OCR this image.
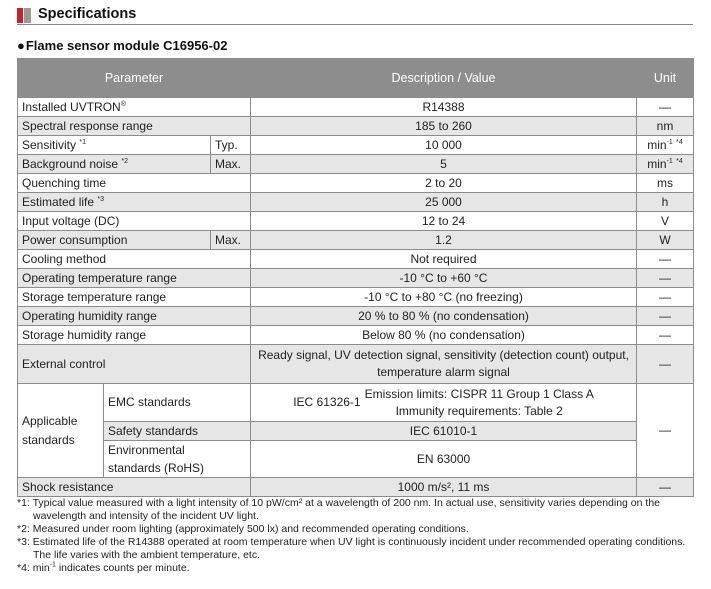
Specifications
●Flame sensor module C16956-02
Parameter			Description / Value	Unit
Installed UVTRON®			R14388	—
Spectral response range			185 to 260	nm
Sensitivity $^{*1}$		Typ.	10 000	$\min^{-1} ^{*4}$
Background noise $^{*2}$		Max.	5	$\min^{-1} ^{*4}$
Quenching time			2 to 20	ms
Estimated life $^{*3}$			25 000	h
Input voltage (DC)			12 to 24	V
Power consumption		Max.	1.2	W
Cooling method			Not required	—
Operating temperature range			-10 °C to +60 °C	—
Storage temperature range			-10 °C to +80 °C (no freezing)	—
Operating humidity range			20 % to 80 % (no condensation)	—
Storage humidity range			Below 80 % (no condensation)	—
External control			Ready signal, UV detection signal, sensitivity (detection count) output, temperature alarm signal	—
Applicable standards	EMC standards		IEC 61326-1
Emission limits: CISPR 11 Group 1 Class A
Immunity requirements: Table 2	—
	Safety standards		IEC 61010-1	
	Environmental standards (RoHS)		EN 63000	
Shock resistance			1000 m/s², 11 ms	—
*1: Typical value measured with a light intensity of 10 pW/cm² at a wavelength of 200 nm. In actual use, sensitivity varies depending on the
wavelength and intensity of the incident UV light.
*2: Measured under room lighting (approximately 500 lx) and recommended operating conditions.
*3: Estimated life of the R14388 operated at room temperature when UV light is continuously incident under recommended operating conditions.
The life varies with the ambient temperature, etc.
*4: $\min^{-1}$ indicates counts per minute.
